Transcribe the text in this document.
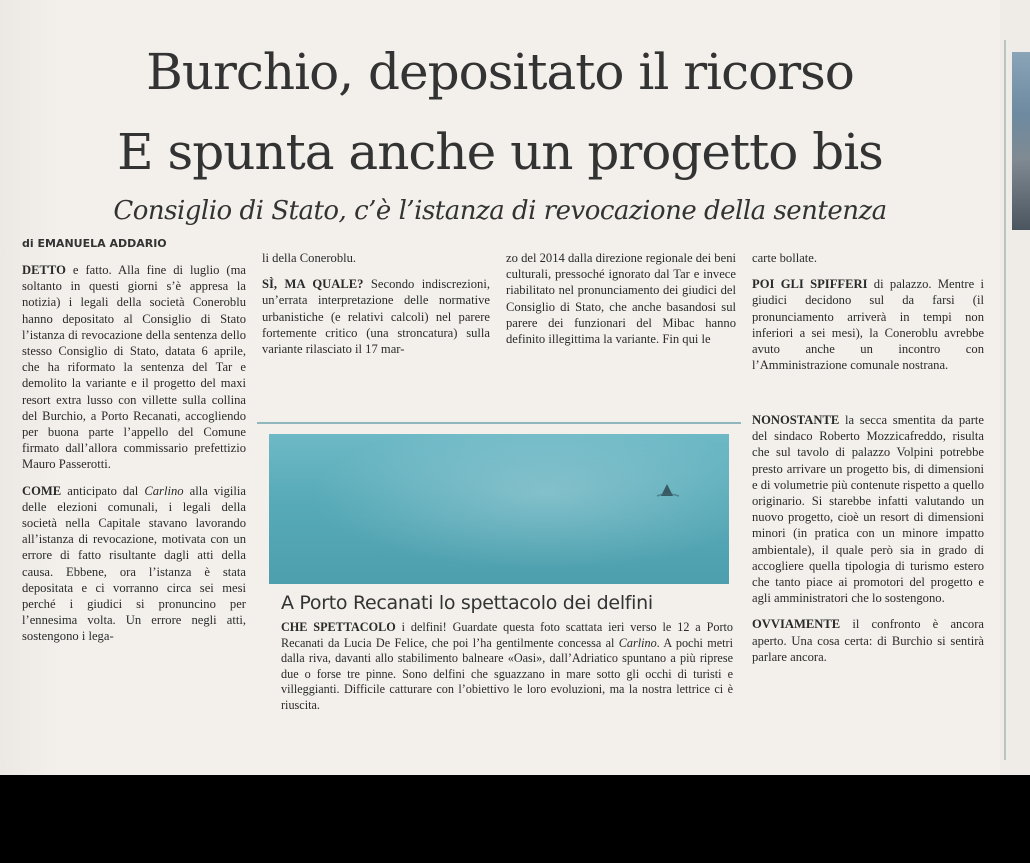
Burchio, depositato il ricorso
E spunta anche un progetto bis
Consiglio di Stato, c’è l’istanza di revocazione della sentenza
di EMANUELA ADDARIO

DETTO e fatto. Alla fine di luglio (ma soltanto in questi giorni s’è appresa la notizia) i legali della società Coneroblu hanno depositato al Consiglio di Stato l’istanza di revocazione della sentenza dello stesso Consiglio di Stato, datata 6 aprile, che ha riformato la sentenza del Tar e demolito la variante e il progetto del maxi resort extra lusso con villette sulla collina del Burchio, a Porto Recanati, accogliendo per buona parte l’appello del Comune firmato dall’allora commissario prefettizio Mauro Passerotti.

COME anticipato dal Carlino alla vigilia delle elezioni comunali, i legali della società nella Capitale stavano lavorando all’istanza di revocazione, motivata con un errore di fatto risultante dagli atti della causa. Ebbene, ora l’istanza è stata depositata e ci vorranno circa sei mesi perché i giudici si pronuncino per l’ennesima volta. Un errore negli atti, sostengono i lega-

li della Coneroblu.

SÌ, MA QUALE? Secondo indiscrezioni, un’errata interpretazione delle normative urbanistiche (e relativi calcoli) nel parere fortemente critico (una stroncatura) sulla variante rilasciato il 17 mar-

zo del 2014 dalla direzione regionale dei beni culturali, pressoché ignorato dal Tar e invece riabilitato nel pronunciamento dei giudici del Consiglio di Stato, che anche basandosi sul parere dei funzionari del Mibac hanno definito illegittima la variante. Fin qui le

carte bollate.

POI GLI SPIFFERI di palazzo. Mentre i giudici decidono sul da farsi (il pronunciamento arriverà in tempi non inferiori a sei mesi), la Coneroblu avrebbe avuto anche un incontro con l’Amministrazione comunale nostrana.

NONOSTANTE la secca smentita da parte del sindaco Roberto Mozzicafreddo, risulta che sul tavolo di palazzo Volpini potrebbe presto arrivare un progetto bis, di dimensioni e di volumetrie più contenute rispetto a quello originario. Si starebbe infatti valutando un nuovo progetto, cioè un resort di dimensioni minori (in pratica con un minore impatto ambientale), il quale però sia in grado di accogliere quella tipologia di turismo estero che tanto piace ai promotori del progetto e agli amministratori che lo sostengono.

OVVIAMENTE il confronto è ancora aperto. Una cosa certa: di Burchio si sentirà parlare ancora.

A Porto Recanati lo spettacolo dei delfini
CHE SPETTACOLO i delfini! Guardate questa foto scattata ieri verso le 12 a Porto Recanati da Lucia De Felice, che poi l’ha gentilmente concessa al Carlino. A pochi metri dalla riva, davanti allo stabilimento balneare «Oasi», dall’Adriatico spuntano a più riprese due o forse tre pinne. Sono delfini che sguazzano in mare sotto gli occhi di turisti e villeggianti. Difficile catturare con l’obiettivo le loro evoluzioni, ma la nostra lettrice ci è riuscita.
